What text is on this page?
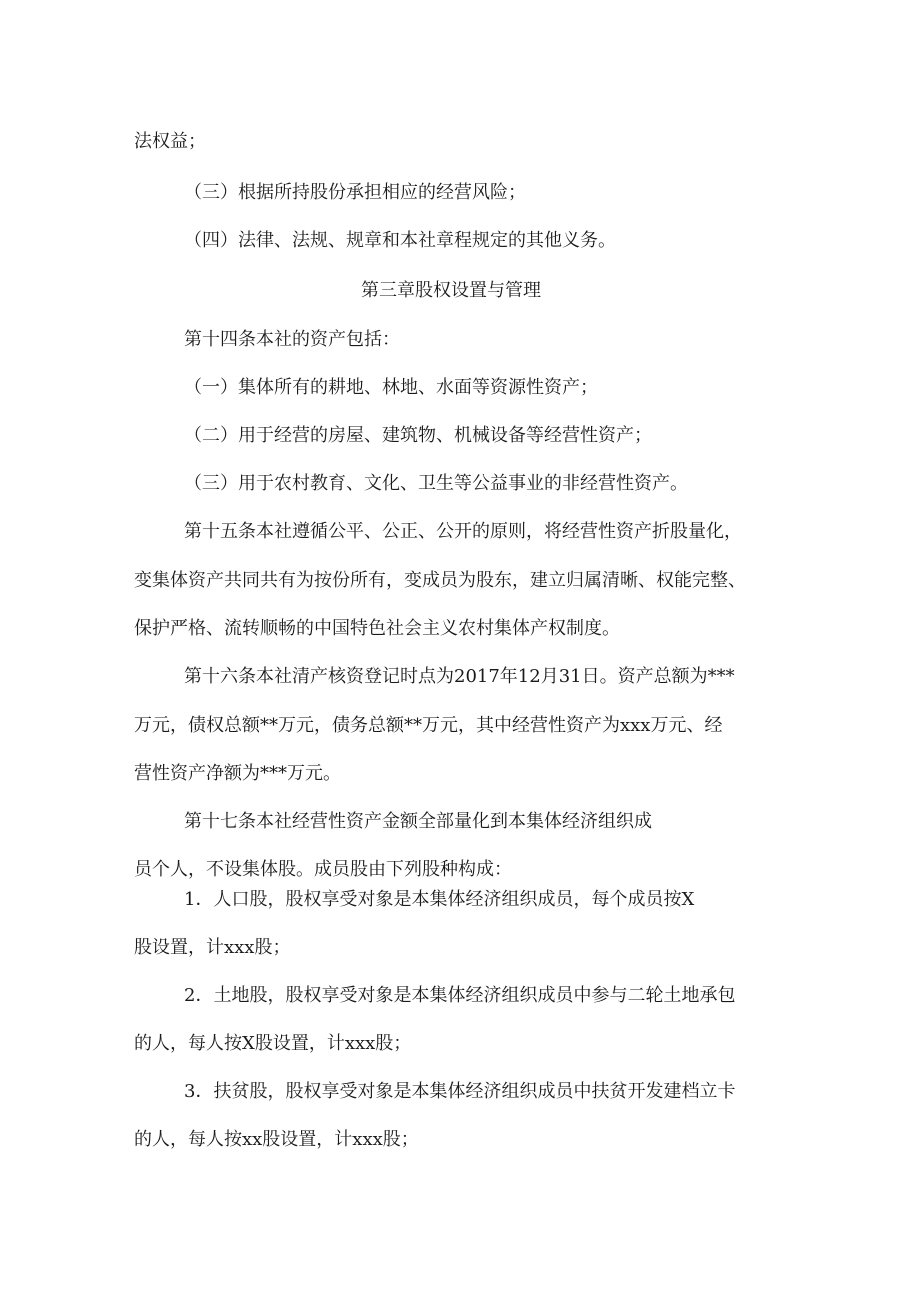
法权益；
（三）根据所持股份承担相应的经营风险；
（四）法律、法规、规章和本社章程规定的其他义务。
第三章股权设置与管理
第十四条本社的资产包括：
（一）集体所有的耕地、林地、水面等资源性资产；
（二）用于经营的房屋、建筑物、机械设备等经营性资产；
（三）用于农村教育、文化、卫生等公益事业的非经营性资产。
第十五条本社遵循公平、公正、公开的原则，将经营性资产折股量化，
变集体资产共同共有为按份所有，变成员为股东，建立归属清晰、权能完整、
保护严格、流转顺畅的中国特色社会主义农村集体产权制度。
第十六条本社清产核资登记时点为2017年12月31日。资产总额为***
万元，债权总额**万元，债务总额**万元，其中经营性资产为xxx万元、经
营性资产净额为***万元。
第十七条本社经营性资产金额全部量化到本集体经济组织成
员个人，不设集体股。成员股由下列股种构成：
1．人口股，股权享受对象是本集体经济组织成员，每个成员按X
股设置，计xxx股；
2．土地股，股权享受对象是本集体经济组织成员中参与二轮土地承包
的人，每人按X股设置，计xxx股；
3．扶贫股，股权享受对象是本集体经济组织成员中扶贫开发建档立卡
的人，每人按xx股设置，计xxx股；
